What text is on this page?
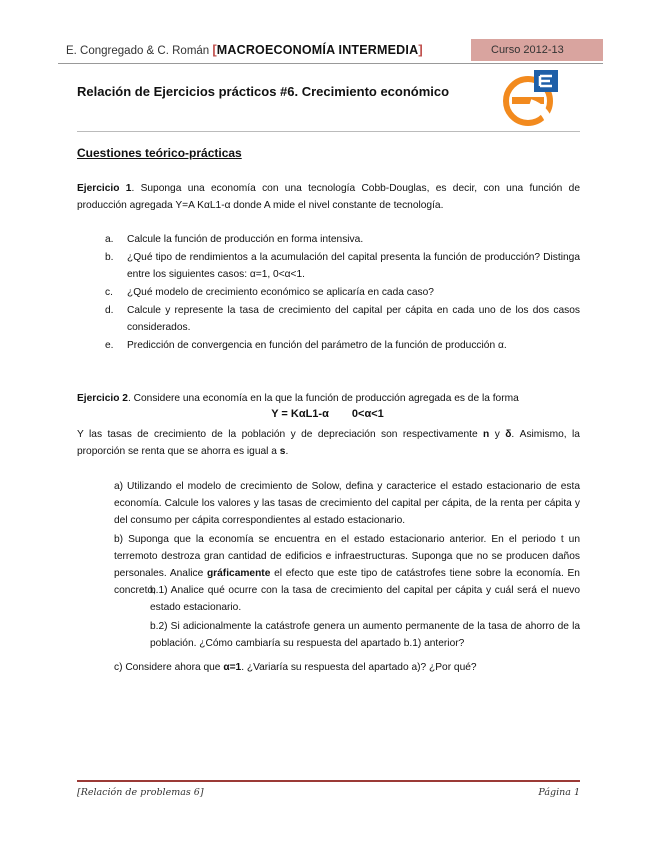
E. Congregado & C. Román [MACROECONOMÍA INTERMEDIA]	Curso 2012-13
Relación de Ejercicios prácticos #6. Crecimiento económico
Cuestiones teórico-prácticas

Ejercicio 1. Suponga una economía con una tecnología Cobb-Douglas, es decir, con una función de producción agregada Y=A KαL1-α donde A mide el nivel constante de tecnología.

a. Calcule la función de producción en forma intensiva.
b. ¿Qué tipo de rendimientos a la acumulación del capital presenta la función de producción? Distinga entre los siguientes casos: α=1, 0<α<1.
c. ¿Qué modelo de crecimiento económico se aplicaría en cada caso?
d. Calcule y represente la tasa de crecimiento del capital per cápita en cada uno de los dos casos considerados.
e. Predicción de convergencia en función del parámetro de la función de producción α.

Ejercicio 2. Considere una economía en la que la función de producción agregada es de la forma

Y = KαL1-α 0<α<1

Y las tasas de crecimiento de la población y de depreciación son respectivamente n y δ. Asimismo, la proporción se renta que se ahorra es igual a s.

a) Utilizando el modelo de crecimiento de Solow, defina y caracterice el estado estacionario de esta economía. Calcule los valores y las tasas de crecimiento del capital per cápita, de la renta per cápita y del consumo per cápita correspondientes al estado estacionario.

b) Suponga que la economía se encuentra en el estado estacionario anterior. En el periodo t un terremoto destroza gran cantidad de edificios e infraestructuras. Suponga que no se producen daños personales. Analice gráficamente el efecto que este tipo de catástrofes tiene sobre la economía. En concreto,

b.1) Analice qué ocurre con la tasa de crecimiento del capital per cápita y cuál será el nuevo estado estacionario.

b.2) Si adicionalmente la catástrofe genera un aumento permanente de la tasa de ahorro de la población. ¿Cómo cambiaría su respuesta del apartado b.1) anterior?

c) Considere ahora que α=1. ¿Variaría su respuesta del apartado a)? ¿Por qué?

[Relación de problemas 6]	Página 1
